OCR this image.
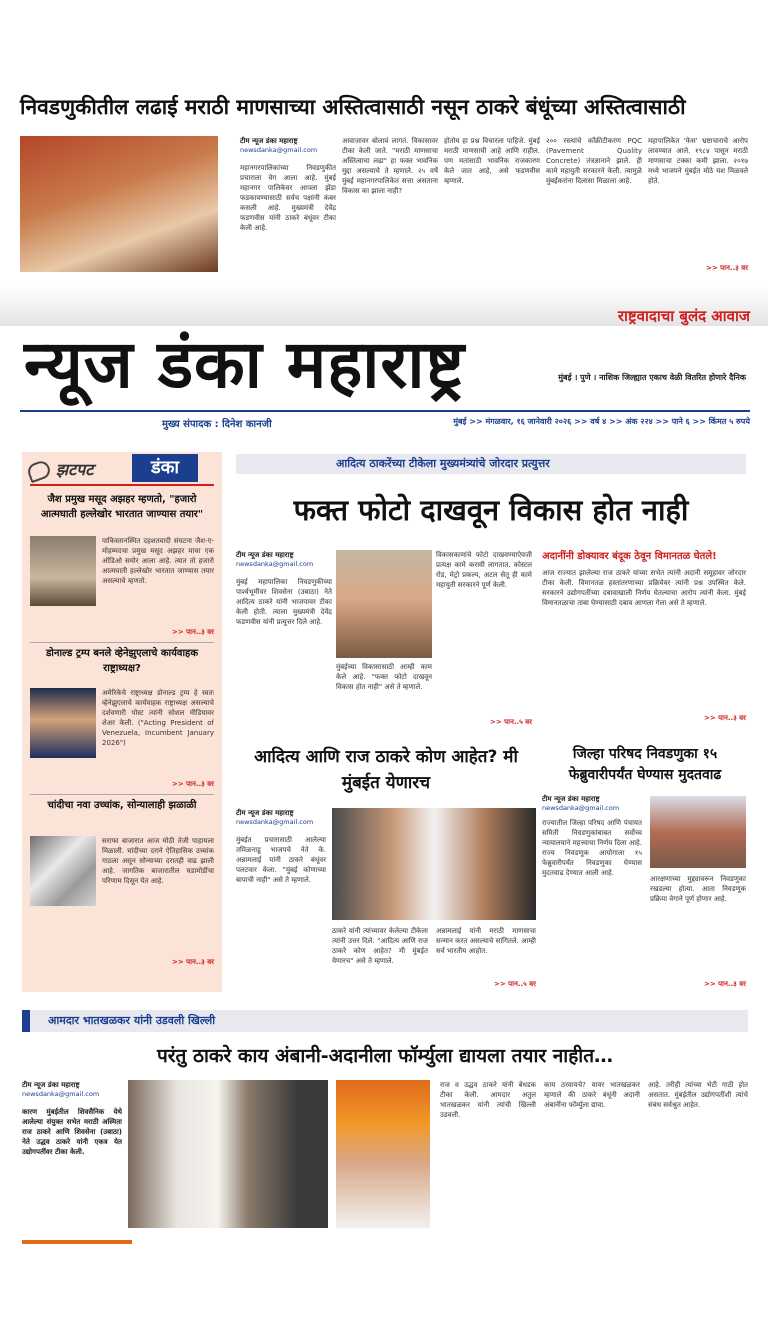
निवडणुकीतील लढाई मराठी माणसाच्या अस्तित्वासाठी नसून ठाकरे बंधूंच्या अस्तित्वासाठी
टीम न्यूज डंका महाराष्ट्र
newsdanka@gmail.com
महानगरपालिकांच्या निवडणुकीत प्रचाराला वेग आला आहे. मुंबई महानगर पालिकेवर आपला झेंडा फडकावण्यासाठी सर्वच पक्षांनी कंबर कसली आहे. मुख्यमंत्री देवेंद्र फडणवीस यांनी ठाकरे बंधूंवर टीका केली आहे.
आवाजावर बोलावं लागतं. विकासावर टीका केली जाते. "मराठी माणसाचा अस्तित्वाचा लढा" हा फक्त भावनिक मुद्दा असल्याचे ते म्हणाले. २५ वर्षे मुंबई महानगरपालिकेत सत्ता असताना विकास का झाला नाही?
होतोय हा प्रश्न विचारला पाहिजे. मुंबई मराठी माणसाची आहे आणि राहील. पण मतांसाठी भावनिक राजकारण केले जात आहे, असे फडणवीस म्हणाले.
२०० रस्त्यांचे काँक्रीटीकरण PQC (Pavement Quality Concrete) तंत्रज्ञानाने झाले. ही कामे महायुती सरकारने केली. त्यामुळे मुंबईकरांना दिलासा मिळाला आहे.
महापालिकेत 'फेस' भ्रष्टाचाराचे आरोप लावण्यात आले. १९८४ पासून मराठी माणसाचा टक्का कमी झाला. २०१७ मध्ये भाजपने मुंबईत मोठे यश मिळवले होते.
>> पान..३ वर
राष्ट्रवादाचा बुलंद आवाज
न्यूज डंका महाराष्ट्र	मुंबई । पुणे । नाशिक जिल्ह्यात एकाच वेळी वितरित होणारे दैनिक
मुख्य संपादक : दिनेश कानजी	मुंबई >> मंगळवार, १६ जानेवारी २०२६ >> वर्ष ४ >> अंक २२४ >> पाने ६ >> किंमत ५ रुपये
झटपट	डंका
जैश प्रमुख मसूद अझहर म्हणतो, "हजारो आत्मघाती हल्लेखोर भारतात जाण्यास तयार"
पाकिस्तानस्थित दहशतवादी संघटना जैश-ए-मोहम्मदचा प्रमुख मसूद अझहर याचा एक ऑडिओ समोर आला आहे. त्यात तो हजारो आत्मघाती हल्लेखोर भारतात जाण्यास तयार असल्याचे म्हणतो.
>> पान..३ वर
डोनाल्ड ट्रम्प बनले व्हेनेझुएलाचे कार्यवाहक राष्ट्राध्यक्ष?
अमेरिकेचे राष्ट्राध्यक्ष डोनाल्ड ट्रम्प हे स्वतः व्हेनेझुएलाचे कार्यवाहक राष्ट्राध्यक्ष असल्याचे दर्शवणारी पोस्ट त्यांनी सोशल मीडियावर शेअर केली. ("Acting President of Venezuela, Incumbent January 2026")
>> पान..३ वर
चांदीचा नवा उच्चांक, सोन्यालाही झळाळी
सराफा बाजारात आज मोठी तेजी पाहायला मिळाली. चांदीच्या दराने ऐतिहासिक उच्चांक गाठला असून सोन्याच्या दरातही वाढ झाली आहे. जागतिक बाजारातील घडामोडींचा परिणाम दिसून येत आहे.
>> पान..३ वर
आदित्य ठाकरेंच्या टीकेला मुख्यमंत्र्यांचे जोरदार प्रत्युत्तर
फक्त फोटो दाखवून विकास होत नाही
टीम न्यूज डंका महाराष्ट्र
newsdanka@gmail.com
मुंबई महापालिका निवडणुकीच्या पार्श्वभूमीवर शिवसेना (उबाठा) नेते आदित्य ठाकरे यांनी भाजपावर टीका केली होती. त्याला मुख्यमंत्री देवेंद्र फडणवीस यांनी प्रत्युत्तर दिले आहे.
मुंबईच्या विकासासाठी आम्ही काम केले आहे. "फक्त फोटो दाखवून विकास होत नाही" असे ते म्हणाले.
विकासकामांचे फोटो दाखवण्याऐवजी प्रत्यक्ष कामे करावी लागतात. कोस्टल रोड, मेट्रो प्रकल्प, अटल सेतू ही कामे महायुती सरकारने पूर्ण केली.
>> पान..५ वर
अदानींनी डोक्यावर बंदूक ठेवून विमानतळ घेतले!
आज राज्यात झालेल्या राज ठाकरे यांच्या सभेत त्यांनी अदानी समूहावर जोरदार टीका केली. विमानतळ हस्तांतरणाच्या प्रक्रियेवर त्यांनी प्रश्न उपस्थित केले. सरकारने उद्योगपतींच्या दबावाखाली निर्णय घेतल्याचा आरोप त्यांनी केला. मुंबई विमानतळाचा ताबा घेण्यासाठी दबाव आणला गेला असे ते म्हणाले.
>> पान..३ वर
आदित्य आणि राज ठाकरे कोण आहेत? मी मुंबईत येणारच
टीम न्यूज डंका महाराष्ट्र
newsdanka@gmail.com
मुंबईत प्रचारासाठी आलेल्या तमिळनाडू भाजपचे नेते के. अन्नामलाई यांनी ठाकरे बंधूंवर पलटवार केला. "मुंबई कोणाच्या बापाची नाही" असे ते म्हणाले.
ठाकरे यांनी त्यांच्यावर केलेल्या टीकेला त्यांनी उत्तर दिले. "आदित्य आणि राज ठाकरे कोण आहेत? मी मुंबईत येणारच" असे ते म्हणाले.
अन्नामलाई यांनी मराठी माणसाचा सन्मान करत असल्याचे सांगितले. आम्ही सर्व भारतीय आहोत.
>> पान..५ वर
जिल्हा परिषद निवडणुका १५ फेब्रुवारीपर्यंत घेण्यास मुदतवाढ
टीम न्यूज डंका महाराष्ट्र
newsdanka@gmail.com
राज्यातील जिल्हा परिषद आणि पंचायत समिती निवडणुकांबाबत सर्वोच्च न्यायालयाने महत्त्वाचा निर्णय दिला आहे. राज्य निवडणूक आयोगाला १५ फेब्रुवारीपर्यंत निवडणुका घेण्यास मुदतवाढ देण्यात आली आहे.
आरक्षणाच्या मुद्द्यावरून निवडणुका रखडल्या होत्या. आता निवडणूक प्रक्रिया वेगाने पूर्ण होणार आहे.
>> पान..३ वर
आमदार भातखळकर यांनी उडवली खिल्ली
परंतु ठाकरे काय अंबानी-अदानीला फॉर्म्युला द्यायला तयार नाहीत…
टीम न्यूज डंका महाराष्ट्र
newsdanka@gmail.com
कारण मुंबईतील शिवसैनिक येथे आलेल्या संयुक्त सभेत मराठी अस्मिता राज ठाकरे आणि शिवसेना (उबाठा) नेते उद्धव ठाकरे यांनी एकत्र येत उद्योगपतींवर टीका केली.
राज व उद्धव ठाकरे यांनी बेधडक टीका केली. आमदार अतुल भातखळकर यांनी त्यांची खिल्ली उडवली.
काय ठरवायचे? यावर भातखळकर म्हणाले की ठाकरे बंधूंनी अदानी अंबानींना फॉर्म्युला द्यावा.
आहे. तरीही त्यांच्या भेटी गाठी होत असतात. मुंबईतील उद्योगपतींशी त्यांचे संबंध सर्वश्रुत आहेत.
